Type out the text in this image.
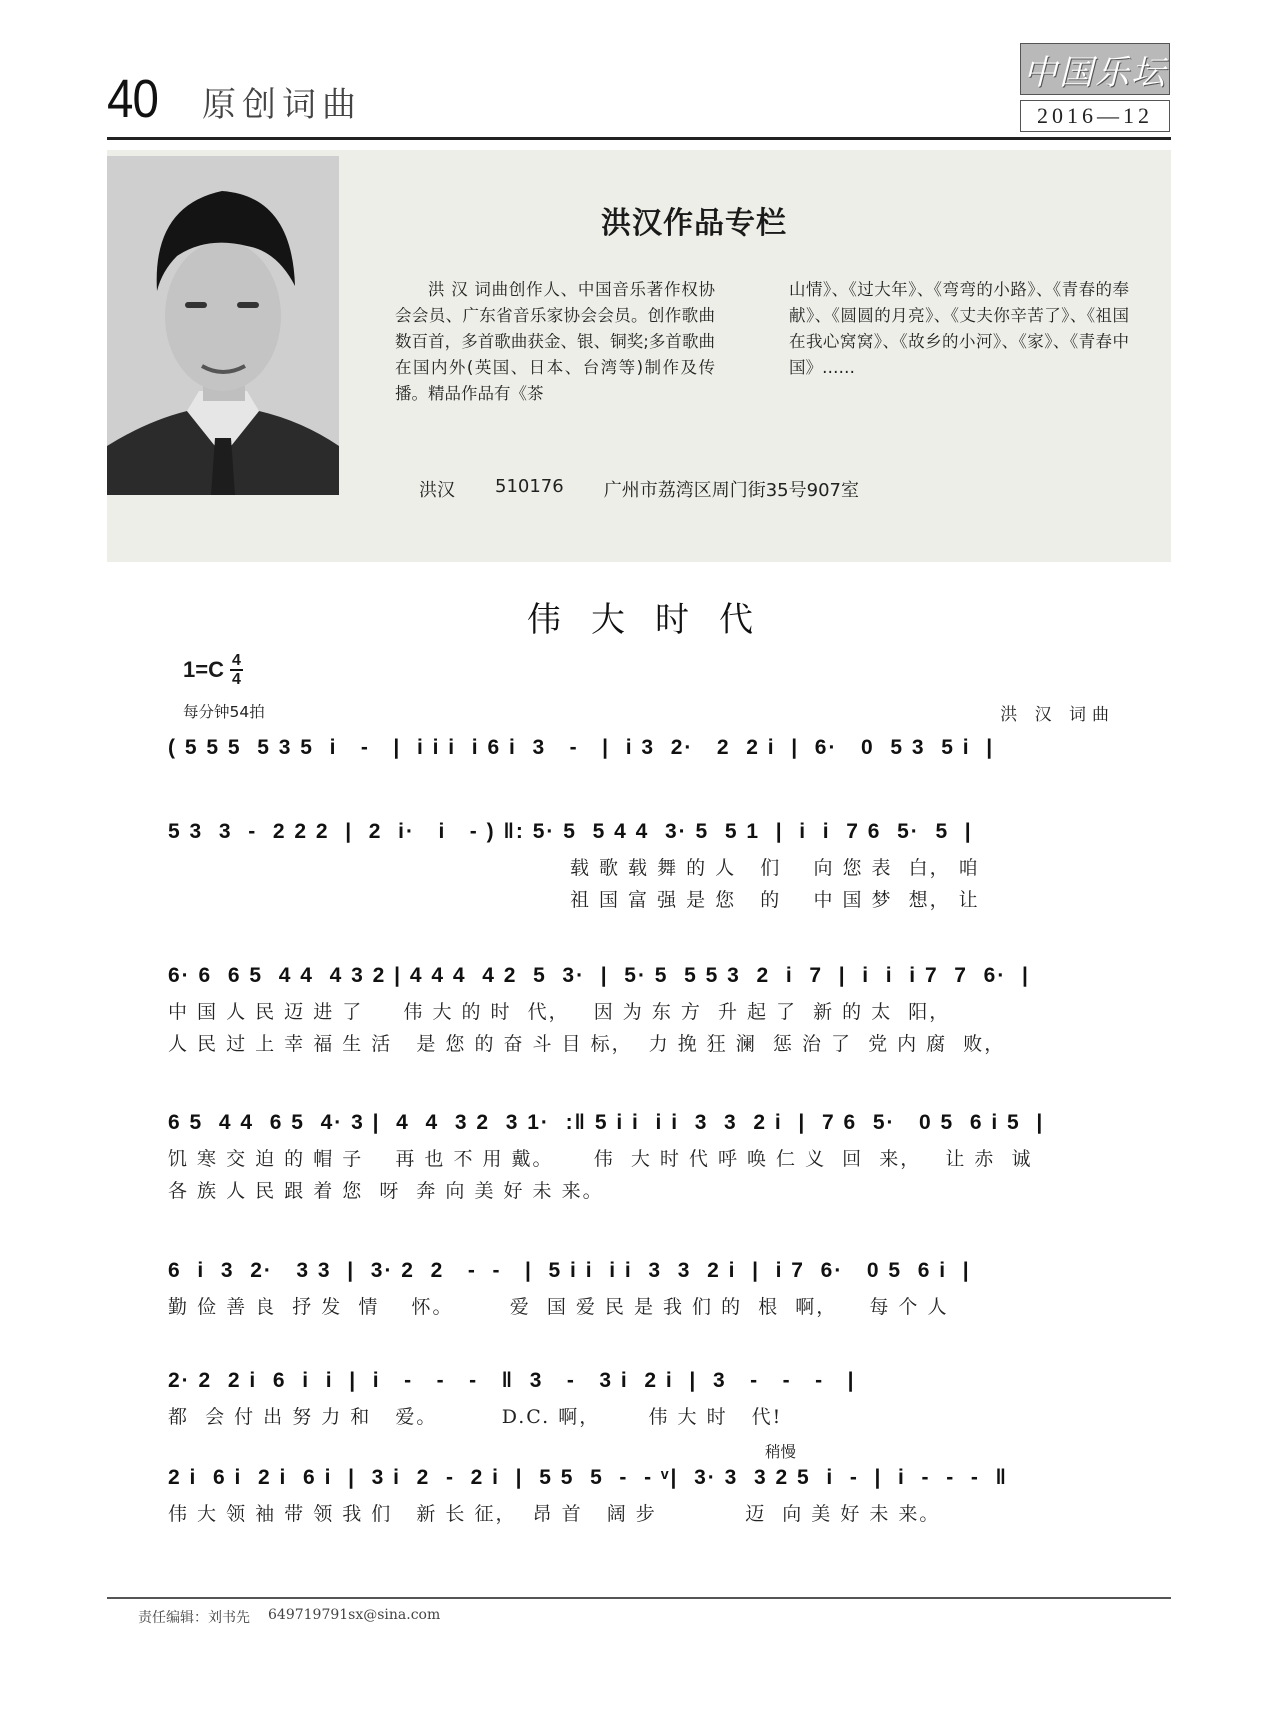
40 原创词曲
中国乐坛
2016—12
洪汉作品专栏
洪 汉 词曲创作人、中国音乐著作权协会会员、广东省音乐家协会会员。创作歌曲数百首，多首歌曲获金、银、铜奖;多首歌曲在国内外(英国、日本、台湾等)制作及传播。精品作品有《茶
山情》、《过大年》、《弯弯的小路》、《青春的奉献》、《圆圆的月亮》、《丈夫你辛苦了》、《祖国在我心窝窝》、《故乡的小河》、《家》、《青春中国》……
洪汉 510176 广州市荔湾区周门街35号907室
伟大时代
1=C 4
4
每分钟54拍	洪 汉 词曲
( 5 5 5  5 3 5  i   -   |  i i i  i 6 i  3   -   |  i 3  2·   2  2 i  |  6·   0  5 3  5 i  |
5 3  3  -  2 2 2  |  2  i·   i   - ) ‖: 5· 5  5 4 4  3· 5  5 1  |  i  i  7 6  5·  5  |
载 歌 载 舞 的 人   们    向 您 表  白， 咱
祖 国 富 强 是 您   的    中 国 梦  想， 让
6· 6  6 5  4 4  4 3 2 | 4 4 4  4 2  5  3·  |  5· 5  5 5 3  2  i  7  |  i  i  i 7  7  6·  |
中 国 人 民 迈 进 了     伟 大 的 时  代，   因 为 东 方  升 起 了  新 的 太  阳，
人 民 过 上 幸 福 生 活   是 您 的 奋 斗 目 标，  力 挽 狂 澜  惩 治 了  党 内 腐  败，
6 5  4 4  6 5  4· 3 |  4  4  3 2  3 1·  :‖ 5 i i  i i  3  3  2 i  |  7 6  5·   0 5  6 i 5  |
饥 寒 交 迫 的 帽 子    再 也 不 用 戴。     伟  大 时 代 呼 唤 仁 义  回  来，   让 赤  诚
各 族 人 民 跟 着 您  呀  奔 向 美 好 未 来。
6  i  3  2·   3 3  |  3· 2  2   -  -   |  5 i i  i i  3  3  2 i  |  i 7  6·   0 5  6 i  |
勤 俭 善 良  抒 发  情    怀。       爱  国 爱 民 是 我 们 的  根  啊，    每 个 人
2· 2  2 i  6  i  i  |  i   -   -   -   ‖  3   -   3 i  2 i  |  3   -   -   -   |
都  会 付 出 努 力 和   爱。        D.C. 啊，      伟 大 时   代!
稍慢
2 i  6 i  2 i  6 i  |  3 i  2  -  2 i  |  5 5  5  -  - ᵛ|  3· 3  3 2 5  i  -  |  i  -  -  -  ‖
伟 大 领 袖 带 领 我 们   新 长 征，  昂 首   阔 步           迈  向 美 好 未 来。
责任编辑：刘书先 649719791sx@sina.com
